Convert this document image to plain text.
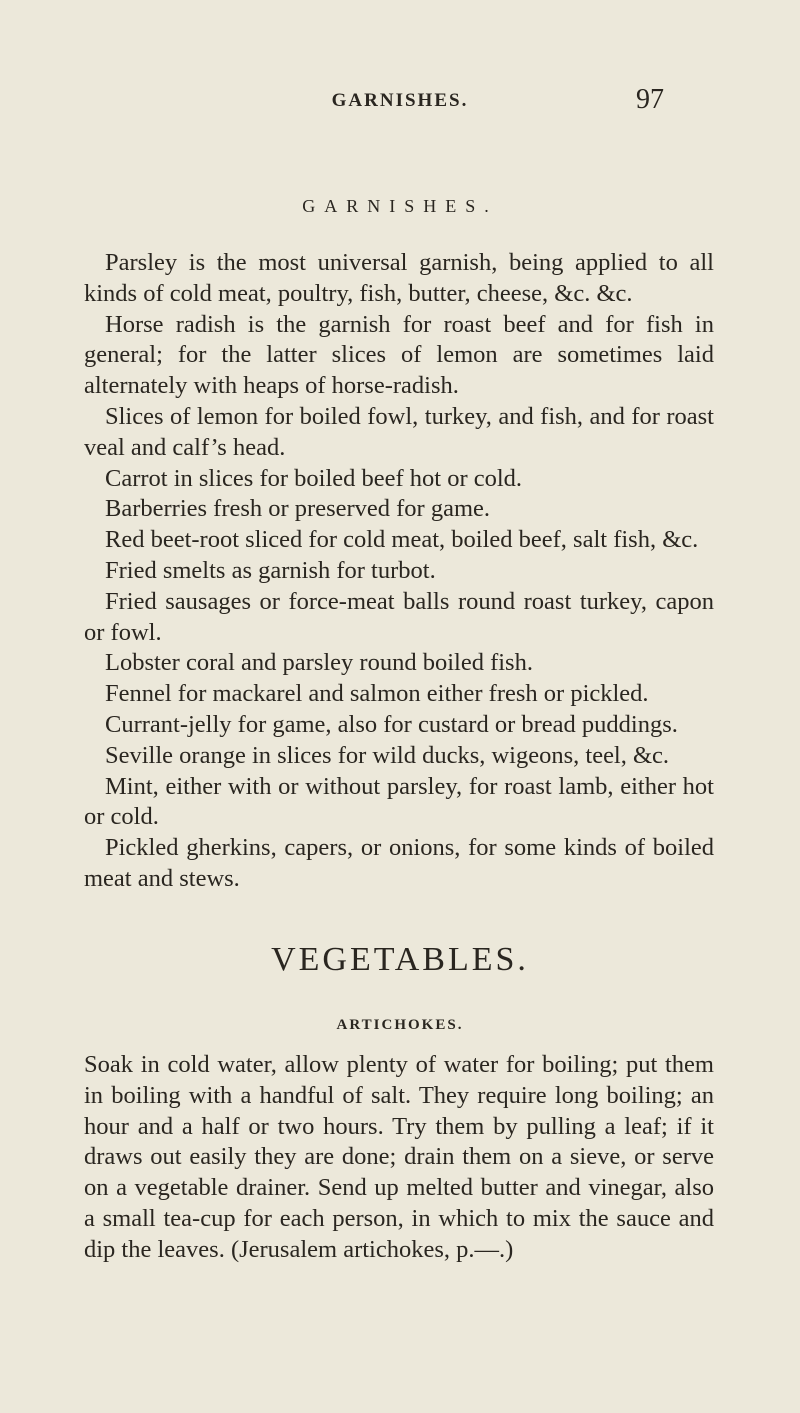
GARNISHES.	97
GARNISHES.

Parsley is the most universal garnish, being applied to all kinds of cold meat, poultry, fish, butter, cheese, &c. &c.

Horse radish is the garnish for roast beef and for fish in general; for the latter slices of lemon are sometimes laid alternately with heaps of horse-radish.

Slices of lemon for boiled fowl, turkey, and fish, and for roast veal and calf’s head.

Carrot in slices for boiled beef hot or cold.

Barberries fresh or preserved for game.

Red beet-root sliced for cold meat, boiled beef, salt fish, &c.

Fried smelts as garnish for turbot.

Fried sausages or force-meat balls round roast turkey, capon or fowl.

Lobster coral and parsley round boiled fish.

Fennel for mackarel and salmon either fresh or pickled.

Currant-jelly for game, also for custard or bread puddings.

Seville orange in slices for wild ducks, wigeons, teel, &c.

Mint, either with or without parsley, for roast lamb, either hot or cold.

Pickled gherkins, capers, or onions, for some kinds of boiled meat and stews.

VEGETABLES.
ARTICHOKES.

Soak in cold water, allow plenty of water for boiling; put them in boiling with a handful of salt. They require long boiling; an hour and a half or two hours. Try them by pulling a leaf; if it draws out easily they are done; drain them on a sieve, or serve on a vegetable drainer. Send up melted butter and vinegar, also a small tea-cup for each person, in which to mix the sauce and dip the leaves. (Jerusalem artichokes, p.—.)
